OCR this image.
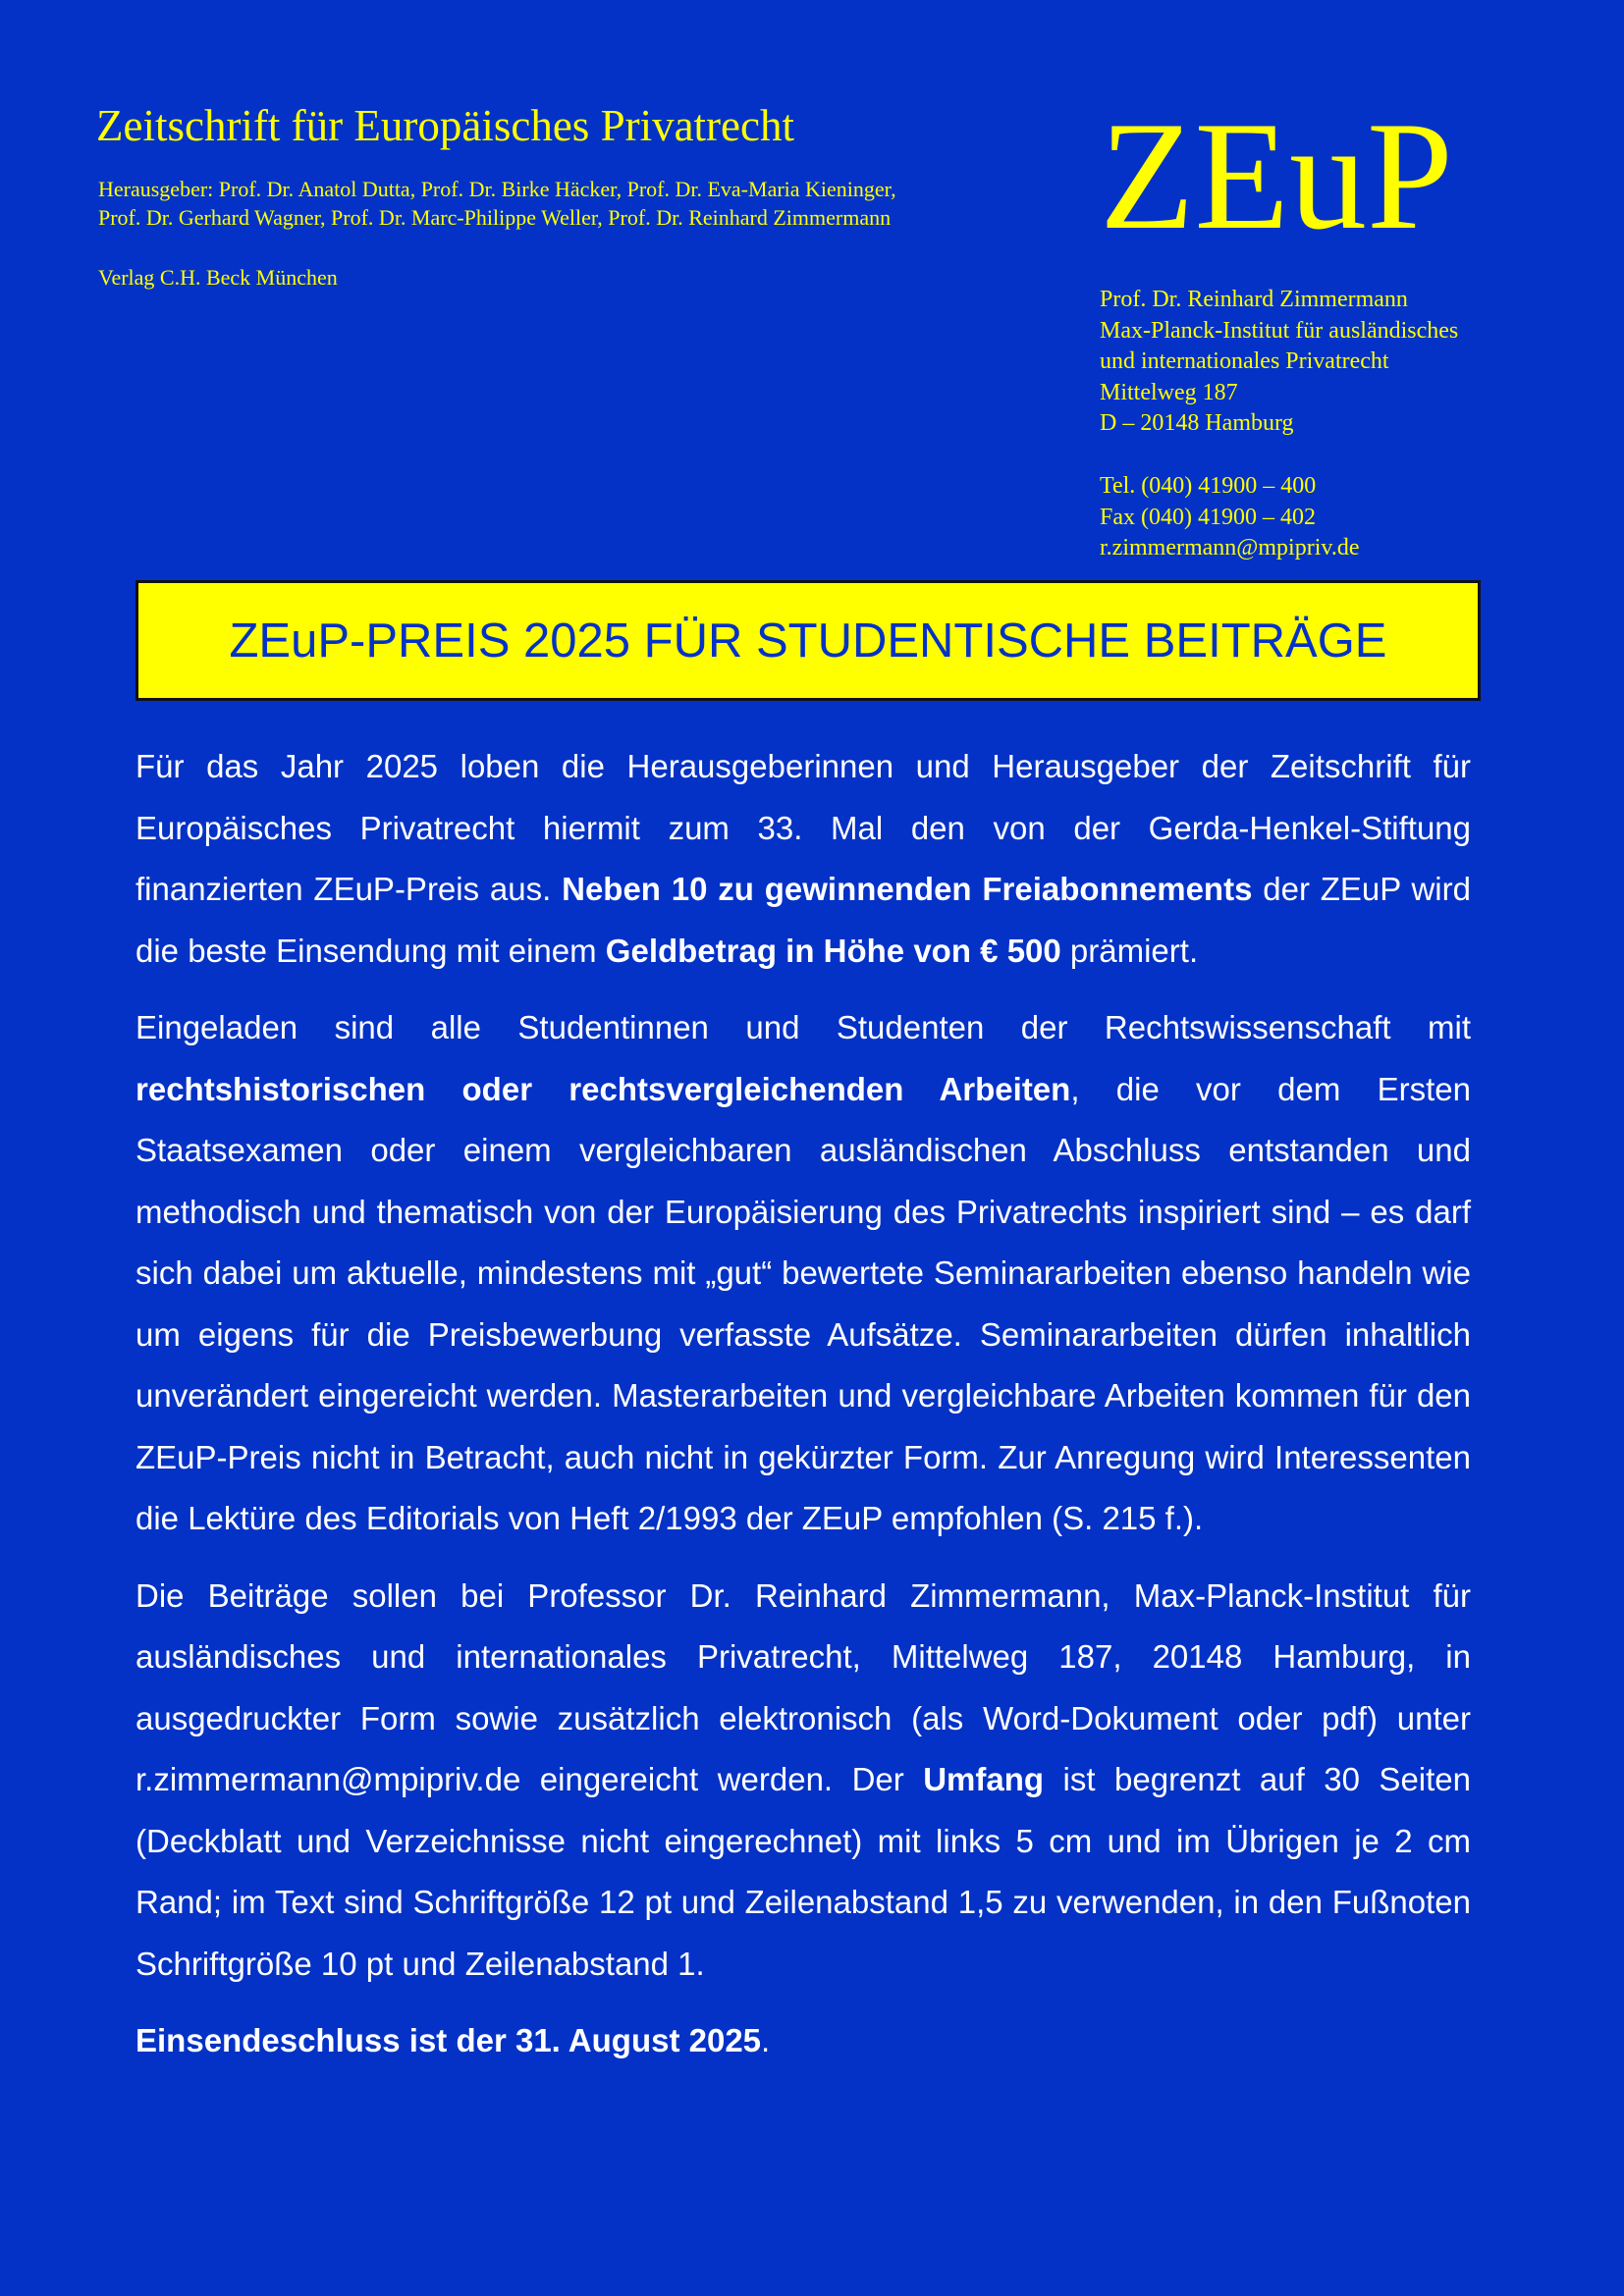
Zeitschrift für Europäisches Privatrecht
Herausgeber: Prof. Dr. Anatol Dutta, Prof. Dr. Birke Häcker, Prof. Dr. Eva-Maria Kieninger,
Prof. Dr. Gerhard Wagner, Prof. Dr. Marc-Philippe Weller, Prof. Dr. Reinhard Zimmermann
Verlag C.H. Beck München
ZEuP
Prof. Dr. Reinhard Zimmermann
Max-Planck-Institut für ausländisches
und internationales Privatrecht
Mittelweg 187
D – 20148 Hamburg
Tel. (040) 41900 – 400
Fax (040) 41900 – 402
r.zimmermann@mpipriv.de
ZEuP-PREIS 2025 FÜR STUDENTISCHE BEITRÄGE

Für das Jahr 2025 loben die Herausgeberinnen und Herausgeber der Zeitschrift für Europäisches Privatrecht hiermit zum 33. Mal den von der Gerda-Henkel-Stiftung finanzierten ZEuP-Preis aus. Neben 10 zu gewinnenden Freiabonnements der ZEuP wird die beste Einsendung mit einem Geldbetrag in Höhe von € 500 prämiert.

Eingeladen sind alle Studentinnen und Studenten der Rechtswissenschaft mit rechtshistorischen oder rechtsvergleichenden Arbeiten, die vor dem Ersten Staatsexamen oder einem vergleichbaren ausländischen Abschluss entstanden und methodisch und thematisch von der Europäisierung des Privatrechts inspiriert sind – es darf sich dabei um aktuelle, mindestens mit „gut“ bewertete Seminararbeiten ebenso handeln wie um eigens für die Preisbewerbung verfasste Aufsätze. Seminararbeiten dürfen inhaltlich unverändert eingereicht werden. Masterarbeiten und vergleichbare Arbeiten kommen für den ZEuP-Preis nicht in Betracht, auch nicht in gekürzter Form. Zur Anregung wird Interessenten die Lektüre des Editorials von Heft 2/1993 der ZEuP empfohlen (S. 215 f.).

Die Beiträge sollen bei Professor Dr. Reinhard Zimmermann, Max-Planck-Institut für ausländisches und internationales Privatrecht, Mittelweg 187, 20148 Hamburg, in ausgedruckter Form sowie zusätzlich elektronisch (als Word-Dokument oder pdf) unter r.zimmermann@mpipriv.de eingereicht werden. Der Umfang ist begrenzt auf 30 Seiten (Deckblatt und Verzeichnisse nicht eingerechnet) mit links 5 cm und im Übrigen je 2 cm Rand; im Text sind Schriftgröße 12 pt und Zeilenabstand 1,5 zu verwenden, in den Fußnoten Schriftgröße 10 pt und Zeilenabstand 1.

Einsendeschluss ist der 31. August 2025.
